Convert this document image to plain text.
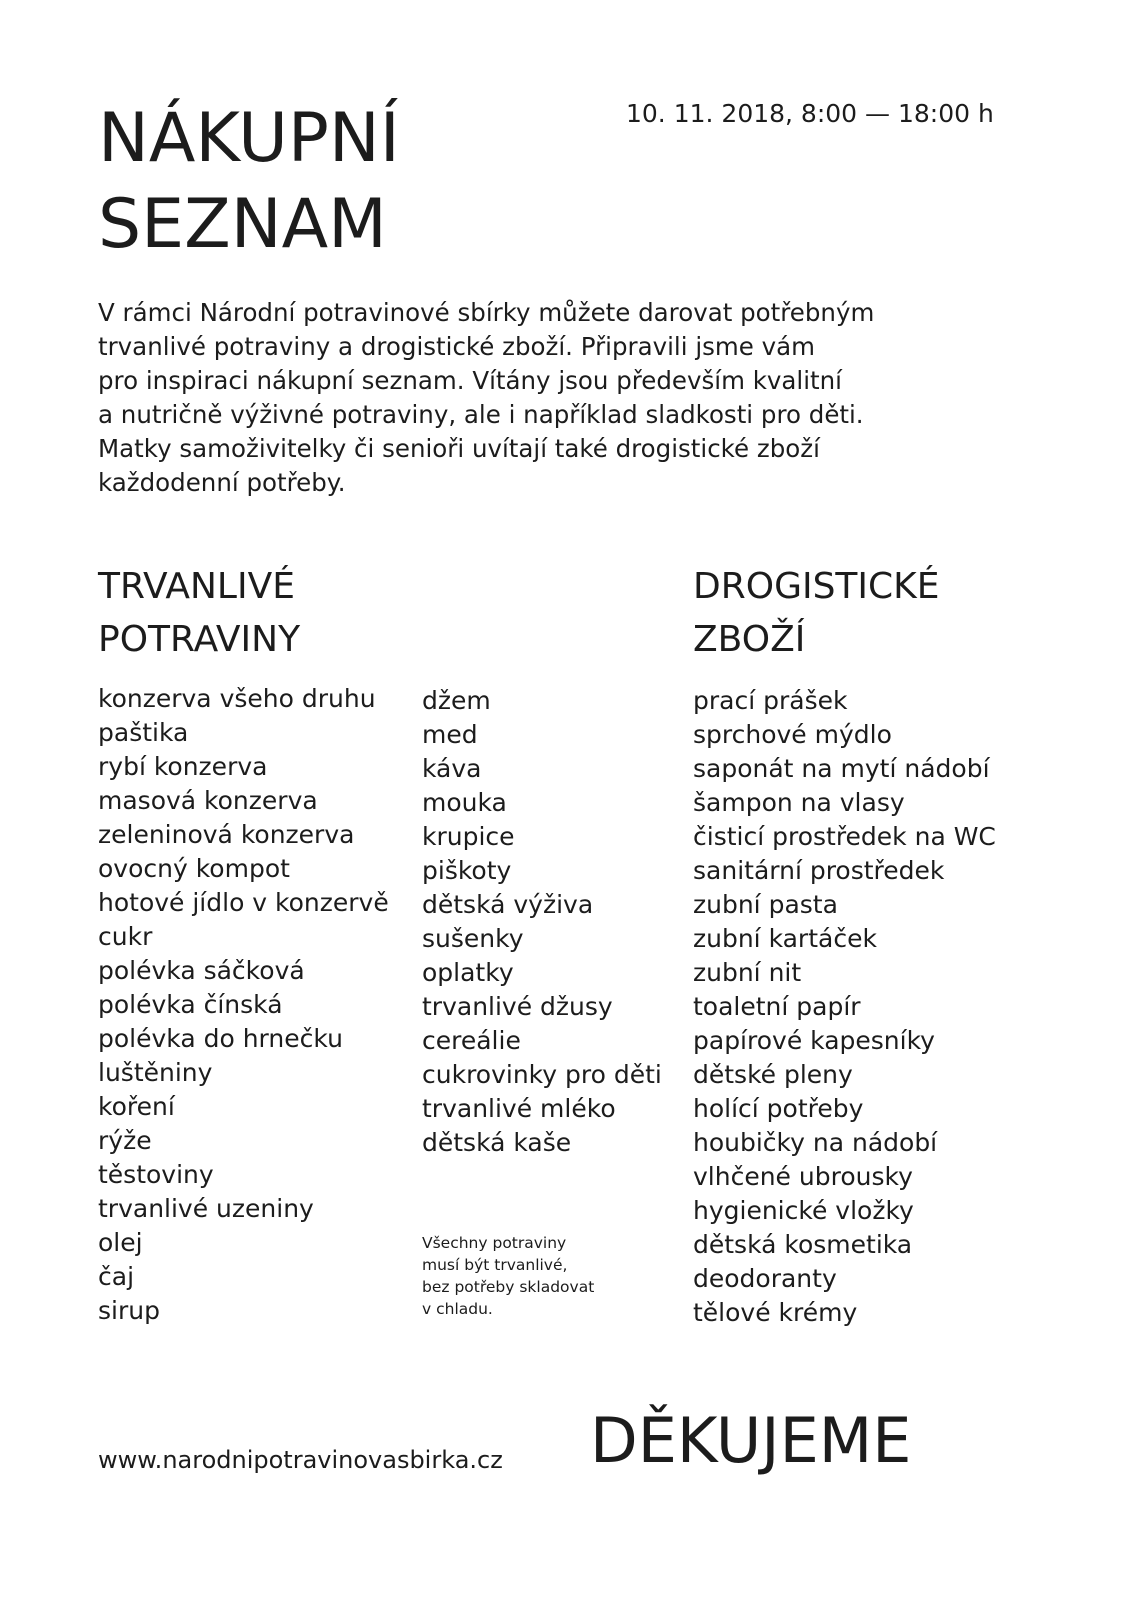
NÁKUPNÍ
SEZNAM
10. 11. 2018, 8:00 — 18:00 h

V rámci Národní potravinové sbírky můžete darovat potřebným
trvanlivé potraviny a drogistické zboží. Připravili jsme vám
pro inspiraci nákupní seznam. Vítány jsou především kvalitní
a nutričně výživné potraviny, ale i například sladkosti pro děti.
Matky samoživitelky či senioři uvítají také drogistické zboží
každodenní potřeby.

TRVANLIVÉ
POTRAVINY
DROGISTICKÉ
ZBOŽÍ
konzerva všeho druhu
paštika
rybí konzerva
masová konzerva
zeleninová konzerva
ovocný kompot
hotové jídlo v konzervě
cukr
polévka sáčková
polévka čínská
polévka do hrnečku
luštěniny
koření
rýže
těstoviny
trvanlivé uzeniny
olej
čaj
sirup
džem
med
káva
mouka
krupice
piškoty
dětská výživa
sušenky
oplatky
trvanlivé džusy
cereálie
cukrovinky pro děti
trvanlivé mléko
dětská kaše

Všechny potraviny
musí být trvanlivé,
bez potřeby skladovat
v chladu.

prací prášek
sprchové mýdlo
saponát na mytí nádobí
šampon na vlasy
čisticí prostředek na WC
sanitární prostředek
zubní pasta
zubní kartáček
zubní nit
toaletní papír
papírové kapesníky
dětské pleny
holící potřeby
houbičky na nádobí
vlhčené ubrousky
hygienické vložky
dětská kosmetika
deodoranty
tělové krémy
www.narodnipotravinovasbirka.cz DĚKUJEME
